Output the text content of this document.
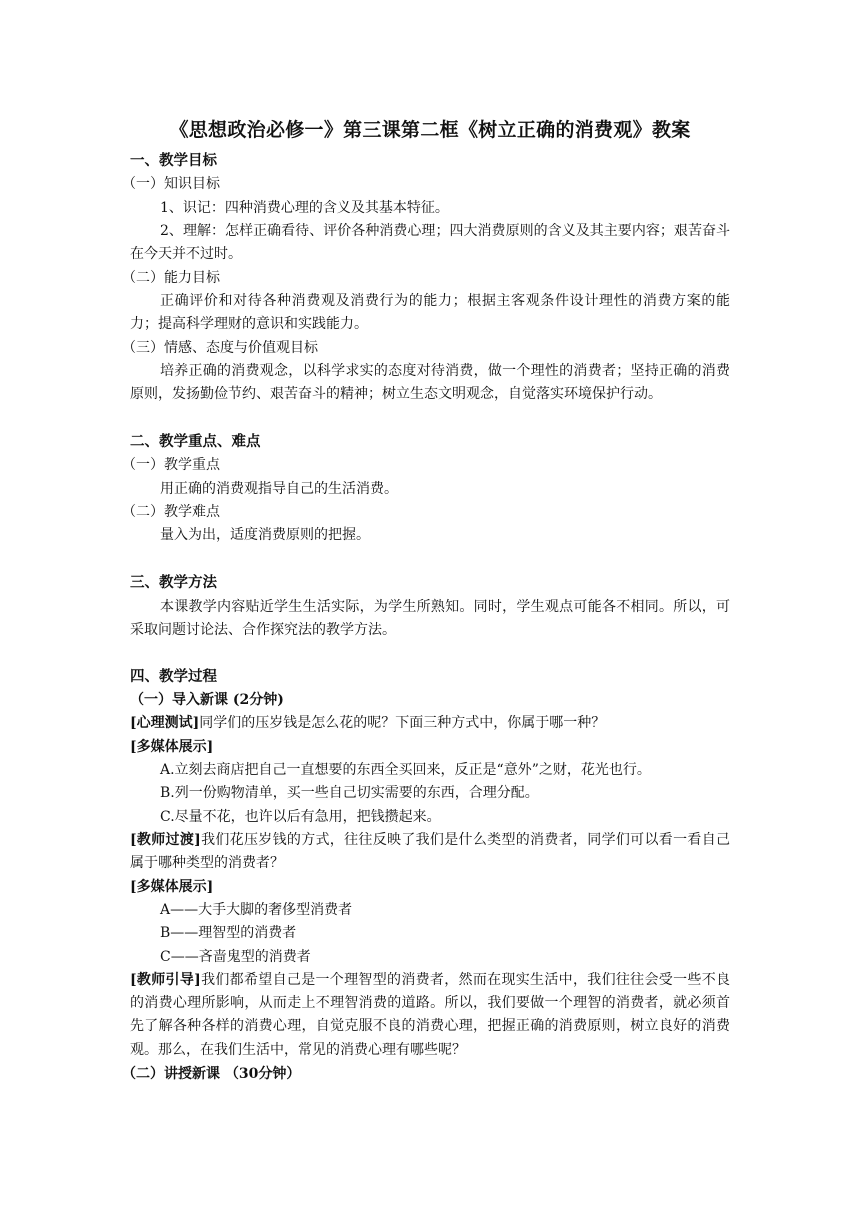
《思想政治必修一》第三课第二框《树立正确的消费观》教案
一、教学目标
（一）知识目标
1、识记：四种消费心理的含义及其基本特征。
2、理解：怎样正确看待、评价各种消费心理；四大消费原则的含义及其主要内容；艰苦奋斗在今天并不过时。
（二）能力目标
正确评价和对待各种消费观及消费行为的能力；根据主客观条件设计理性的消费方案的能力；提高科学理财的意识和实践能力。
（三）情感、态度与价值观目标
培养正确的消费观念，以科学求实的态度对待消费，做一个理性的消费者；坚持正确的消费原则，发扬勤俭节约、艰苦奋斗的精神；树立生态文明观念，自觉落实环境保护行动。
二、教学重点、难点
（一）教学重点
用正确的消费观指导自己的生活消费。
（二）教学难点
量入为出，适度消费原则的把握。
三、教学方法
本课教学内容贴近学生生活实际，为学生所熟知。同时，学生观点可能各不相同。所以，可采取问题讨论法、合作探究法的教学方法。
四、教学过程
（一）导入新课 (2分钟)
[心理测试]同学们的压岁钱是怎么花的呢？下面三种方式中，你属于哪一种？
[多媒体展示]
A.立刻去商店把自己一直想要的东西全买回来，反正是“意外”之财，花光也行。
B.列一份购物清单，买一些自己切实需要的东西，合理分配。
C.尽量不花，也许以后有急用，把钱攒起来。
[教师过渡]我们花压岁钱的方式，往往反映了我们是什么类型的消费者，同学们可以看一看自己属于哪种类型的消费者？
[多媒体展示]
A——大手大脚的奢侈型消费者
B——理智型的消费者
C——吝啬鬼型的消费者
[教师引导]我们都希望自己是一个理智型的消费者，然而在现实生活中，我们往往会受一些不良的消费心理所影响，从而走上不理智消费的道路。所以，我们要做一个理智的消费者，就必须首先了解各种各样的消费心理，自觉克服不良的消费心理，把握正确的消费原则，树立良好的消费观。那么，在我们生活中，常见的消费心理有哪些呢？
（二）讲授新课 （30分钟）
